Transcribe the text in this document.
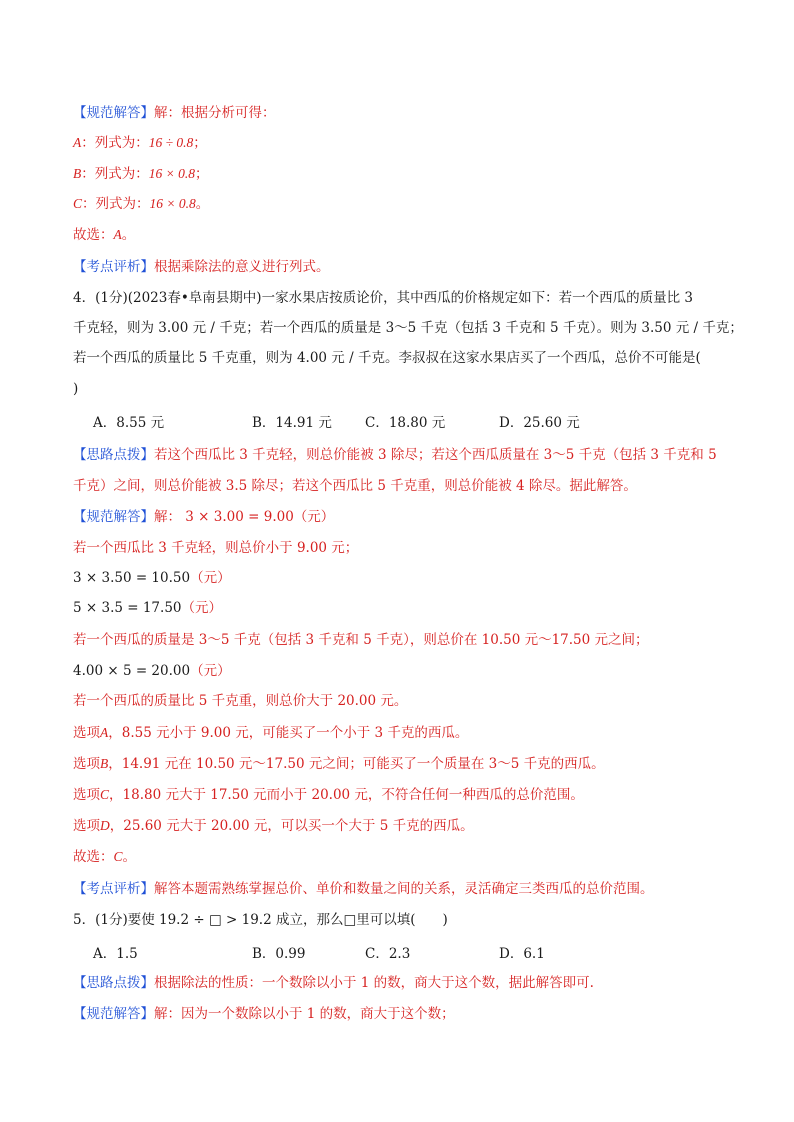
【规范解答】解：根据分析可得：
A：列式为：16 ÷ 0.8；
B：列式为：16 × 0.8；
C：列式为：16 × 0.8。
故选：A。
【考点评析】根据乘除法的意义进行列式。
4．(1分)(2023春•阜南县期中)一家水果店按质论价，其中西瓜的价格规定如下：若一个西瓜的质量比 3
千克轻，则为 3.00 元 / 千克；若一个西瓜的质量是 3～5 千克（包括 3 千克和 5 千克）。则为 3.50 元 / 千克；
若一个西瓜的质量比 5 千克重，则为 4.00 元 / 千克。李叔叔在这家水果店买了一个西瓜，总价不可能是(
)
【思路点拨】若这个西瓜比 3 千克轻，则总价能被 3 除尽；若这个西瓜质量在 3～5 千克（包括 3 千克和 5
千克）之间，则总价能被 3.5 除尽；若这个西瓜比 5 千克重，则总价能被 4 除尽。据此解答。
【规范解答】解： 3 × 3.00 = 9.00（元）
若一个西瓜比 3 千克轻，则总价小于 9.00 元；
3 × 3.50 = 10.50（元）
5 × 3.5 = 17.50（元）
若一个西瓜的质量是 3～5 千克（包括 3 千克和 5 千克），则总价在 10.50 元～17.50 元之间；
4.00 × 5 = 20.00（元）
若一个西瓜的质量比 5 千克重，则总价大于 20.00 元。
选项A，8.55 元小于 9.00 元，可能买了一个小于 3 千克的西瓜。
选项B，14.91 元在 10.50 元～17.50 元之间；可能买了一个质量在 3～5 千克的西瓜。
选项C，18.80 元大于 17.50 元而小于 20.00 元，不符合任何一种西瓜的总价范围。
选项D，25.60 元大于 20.00 元，可以买一个大于 5 千克的西瓜。
故选：C。
【考点评析】解答本题需熟练掌握总价、单价和数量之间的关系，灵活确定三类西瓜的总价范围。
5．(1分)要使 19.2 ÷ □ > 19.2 成立，那么□里可以填(　　)
【思路点拨】根据除法的性质：一个数除以小于 1 的数，商大于这个数，据此解答即可.
【规范解答】解：因为一个数除以小于 1 的数，商大于这个数；
A．8.55 元	B．14.91 元 C．18.80 元	D．25.60 元
A．1.5	B．0.99	C．2.3	D．6.1
